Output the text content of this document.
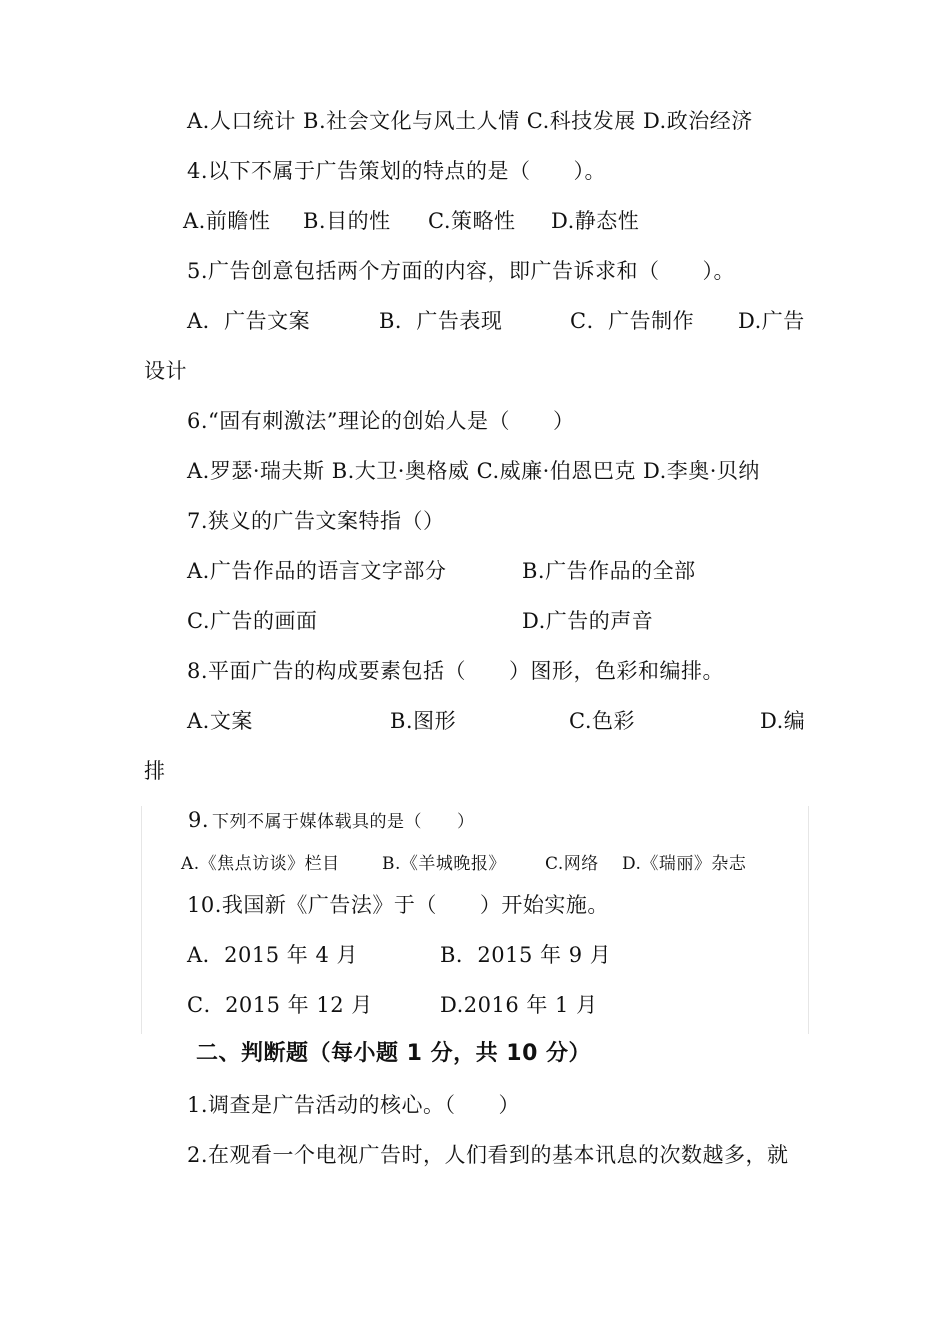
A.人口统计 B.社会文化与风土人情 C.科技发展 D.政治经济
4.以下不属于广告策划的特点的是（　　）。
A.前瞻性 B.目的性 C.策略性 D.静态性
5.广告创意包括两个方面的内容，即广告诉求和（　　）。
A．广告文案	B．广告表现	C．广告制作 D.广告
设计
6.“固有刺激法”理论的创始人是（　　）
A.罗瑟·瑞夫斯 B.大卫·奥格威 C.威廉·伯恩巴克 D.李奥·贝纳
7.狭义的广告文案特指（）
A.广告作品的语言文字部分	B.广告作品的全部
C.广告的画面	D.广告的声音
8.平面广告的构成要素包括（　　）图形，色彩和编排。
A.文案	B.图形	C.色彩	D.编
排
9. 下列不属于媒体载具的是（　　）
A.《焦点访谈》栏目 B.《羊城晚报》 C.网络 D.《瑞丽》杂志
10.我国新《广告法》于（　　）开始实施。
A．2015 年 4 月	B．2015 年 9 月
C．2015 年 12 月	D.2016 年 1 月
二、判断题（每小题 1 分，共 10 分）
1.调查是广告活动的核心。（　　）
2.在观看一个电视广告时，人们看到的基本讯息的次数越多，就
